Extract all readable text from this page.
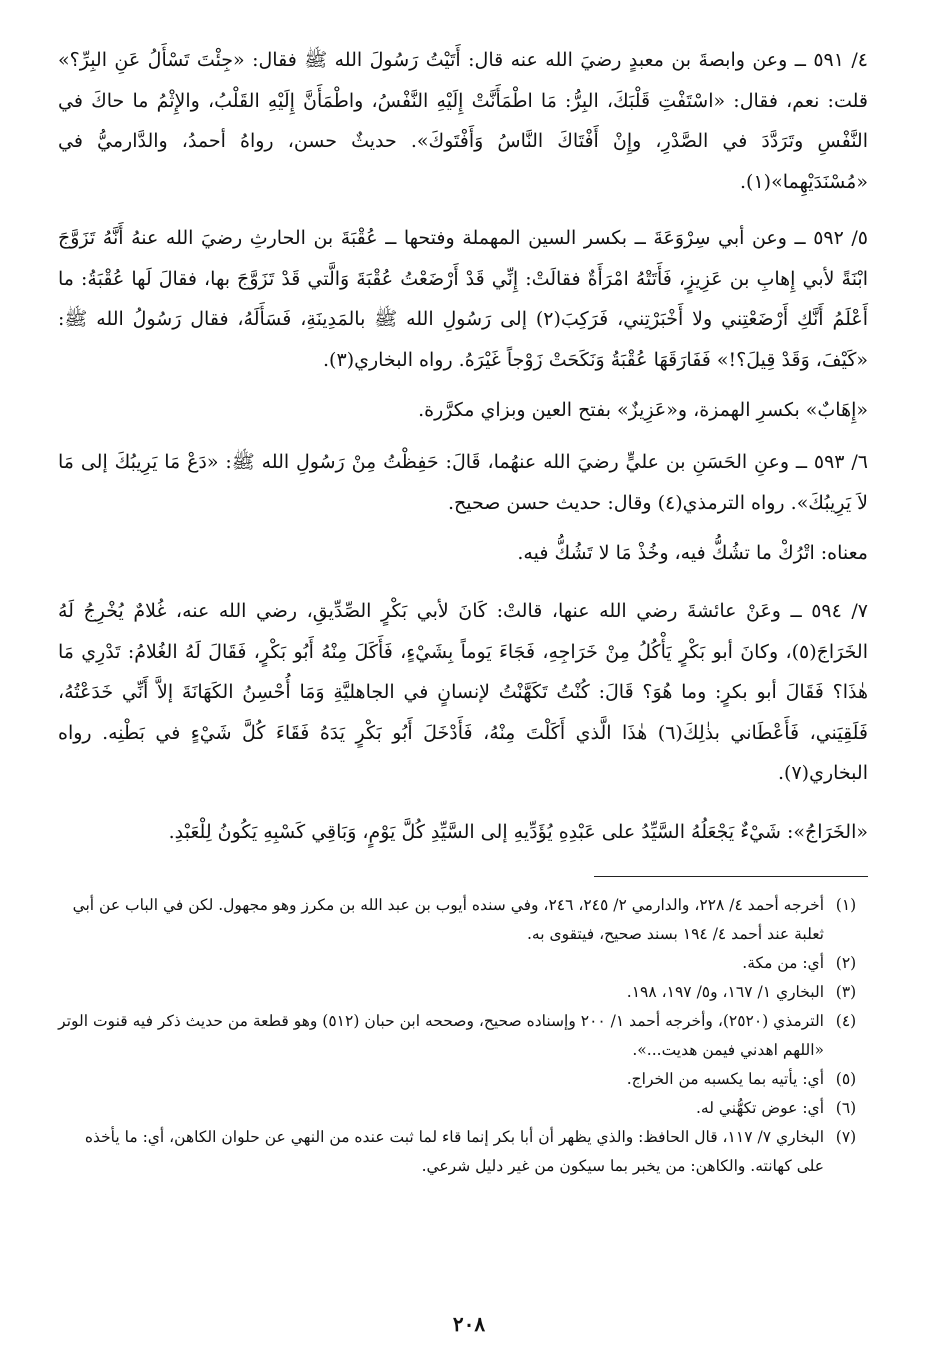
٤/ ٥٩١ ــ وعن وابصةَ بن معبدٍ رضيَ الله عنه قال: أَتَيْتُ رَسُولَ الله ﷺ فقال: «جِئْتَ تَسْأَلُ عَنِ البِرِّ؟» قلت: نعم، فقال: «اسْتَفْتِ قَلْبَكَ، البِرُّ: مَا اطْمَأَنَّتْ إِلَيْهِ النَّفْسُ، واطْمَأَنَّ إِلَيْهِ القَلْبُ، والإِثْمُ ما حاكَ في النَّفْسِ وتَرَدَّدَ في الصَّدْرِ، وإِنْ أَفْتَاكَ النَّاسُ وَأَفْتَوكَ». حديثٌ حسن، رواهُ أحمدُ، والدَّارميُّ في «مُسْنَدَيْهِما»(١).

٥/ ٥٩٢ ــ وعن أبي سِرْوَعَةَ ــ بكسر السين المهملة وفتحها ــ عُقْبَةَ بن الحارثِ رضيَ الله عنهُ أَنَّهُ تَزَوَّجَ ابْنَةً لأبي إِهابِ بن عَزِيزٍ، فَأَتَتْهُ امْرَأَةٌ فقالَتْ: إِنِّي قَدْ أَرْضَعْتُ عُقْبَةَ وَالَّتي قَدْ تَزَوَّجَ بها، فقالَ لَها عُقْبَةُ: ما أَعْلَمُ أَنَّكِ أَرْضَعْتِني ولا أَخْبَرْتِني، فَرَكِبَ(٢) إلى رَسُولِ الله ﷺ بالمَدِينَةِ، فَسَأَلَهُ، فقال رَسُولُ الله ﷺ: «كَيْفَ، وَقَدْ قِيلَ؟!» فَفَارَقَهَا عُقْبَةُ وَنَكَحَتْ زَوْجاً غَيْرَهُ. رواه البخاري(٣).

«إِهَابٌ» بكسرِ الهمزة، و«عَزِيزٌ» بفتح العين وبزاي مكرَّرة.

٦/ ٥٩٣ ــ وعنِ الحَسَنِ بن عليٍّ رضيَ الله عنهُما، قَالَ: حَفِظْتُ مِنْ رَسُولِ الله ﷺ: «دَعْ مَا يَرِيبُكَ إلى مَا لاَ يَرِيبُكَ». رواه الترمذي(٤) وقال: حديث حسن صحيح.

معناه: اتْرُكْ ما تشُكُّ فيه، وخُذْ مَا لا تَشُكُّ فيه.

٧/ ٥٩٤ ــ وعَنْ عائشةَ رضي الله عنها، قالتْ: كَانَ لأبي بَكْرٍ الصِّدِّيقِ، رضي الله عنه، غُلامٌ يُخْرِجُ لَهُ الخَرَاجَ(٥)، وكانَ أبو بَكْرٍ يَأْكُلُ مِنْ خَرَاجِهِ، فَجَاءَ يَوماً بِشَيْءٍ، فَأَكَلَ مِنْهُ أَبُو بَكْرٍ، فَقَالَ لَهُ الغُلامُ: تَدْرِي مَا هٰذَا؟ فَقَالَ أبو بكرٍ: وما هُوَ؟ قَالَ: كُنْتُ تَكَهَّنْتُ لإنسانٍ في الجاهليَّةِ وَمَا أُحْسِنُ الكَهَانَةَ إلاَّ أَنِّي خَدَعْتُهُ، فَلَقِيَني، فَأَعْطَاني بذٰلِكَ(٦) هٰذَا الَّذي أَكَلْتَ مِنْهُ، فَأَدْخَلَ أَبُو بَكْرٍ يَدَهُ فَقَاءَ كُلَّ شَيْءٍ في بَطْنِه. رواه البخاري(٧).

«الخَرَاجُ»: شَيْءٌ يَجْعَلُهُ السَّيِّدُ على عَبْدِهِ يُؤَدِّيهِ إلى السَّيِّدِ كُلَّ يَوْمٍ، وَبَاقِي كَسْبِهِ يَكُونُ لِلْعَبْدِ.

(١)
أخرجه أحمد ٤/ ٢٢٨، والدارمي ٢/ ٢٤٥، ٢٤٦، وفي سنده أيوب بن عبد الله بن مكرز وهو مجهول. لكن في الباب عن أبي ثعلبة عند أحمد ٤/ ١٩٤ بسند صحيح، فيتقوى به.
(٢)
أي: من مكة.
(٣)
البخاري ١/ ١٦٧، و٥/ ١٩٧، ١٩٨.
(٤)
الترمذي (٢٥٢٠)، وأخرجه أحمد ١/ ٢٠٠ وإسناده صحيح، وصححه ابن حبان (٥١٢) وهو قطعة من حديث ذكر فيه قنوت الوتر «اللهم اهدني فيمن هديت...».
(٥)
أي: يأتيه بما يكسبه من الخراج.
(٦)
أي: عوض تكهُّني له.
(٧)
البخاري ٧/ ١١٧، قال الحافظ: والذي يظهر أن أبا بكر إنما قاء لما ثبت عنده من النهي عن حلوان الكاهن، أي: ما يأخذه على كهانته. والكاهن: من يخبر بما سيكون من غير دليل شرعي.
٢٠٨
